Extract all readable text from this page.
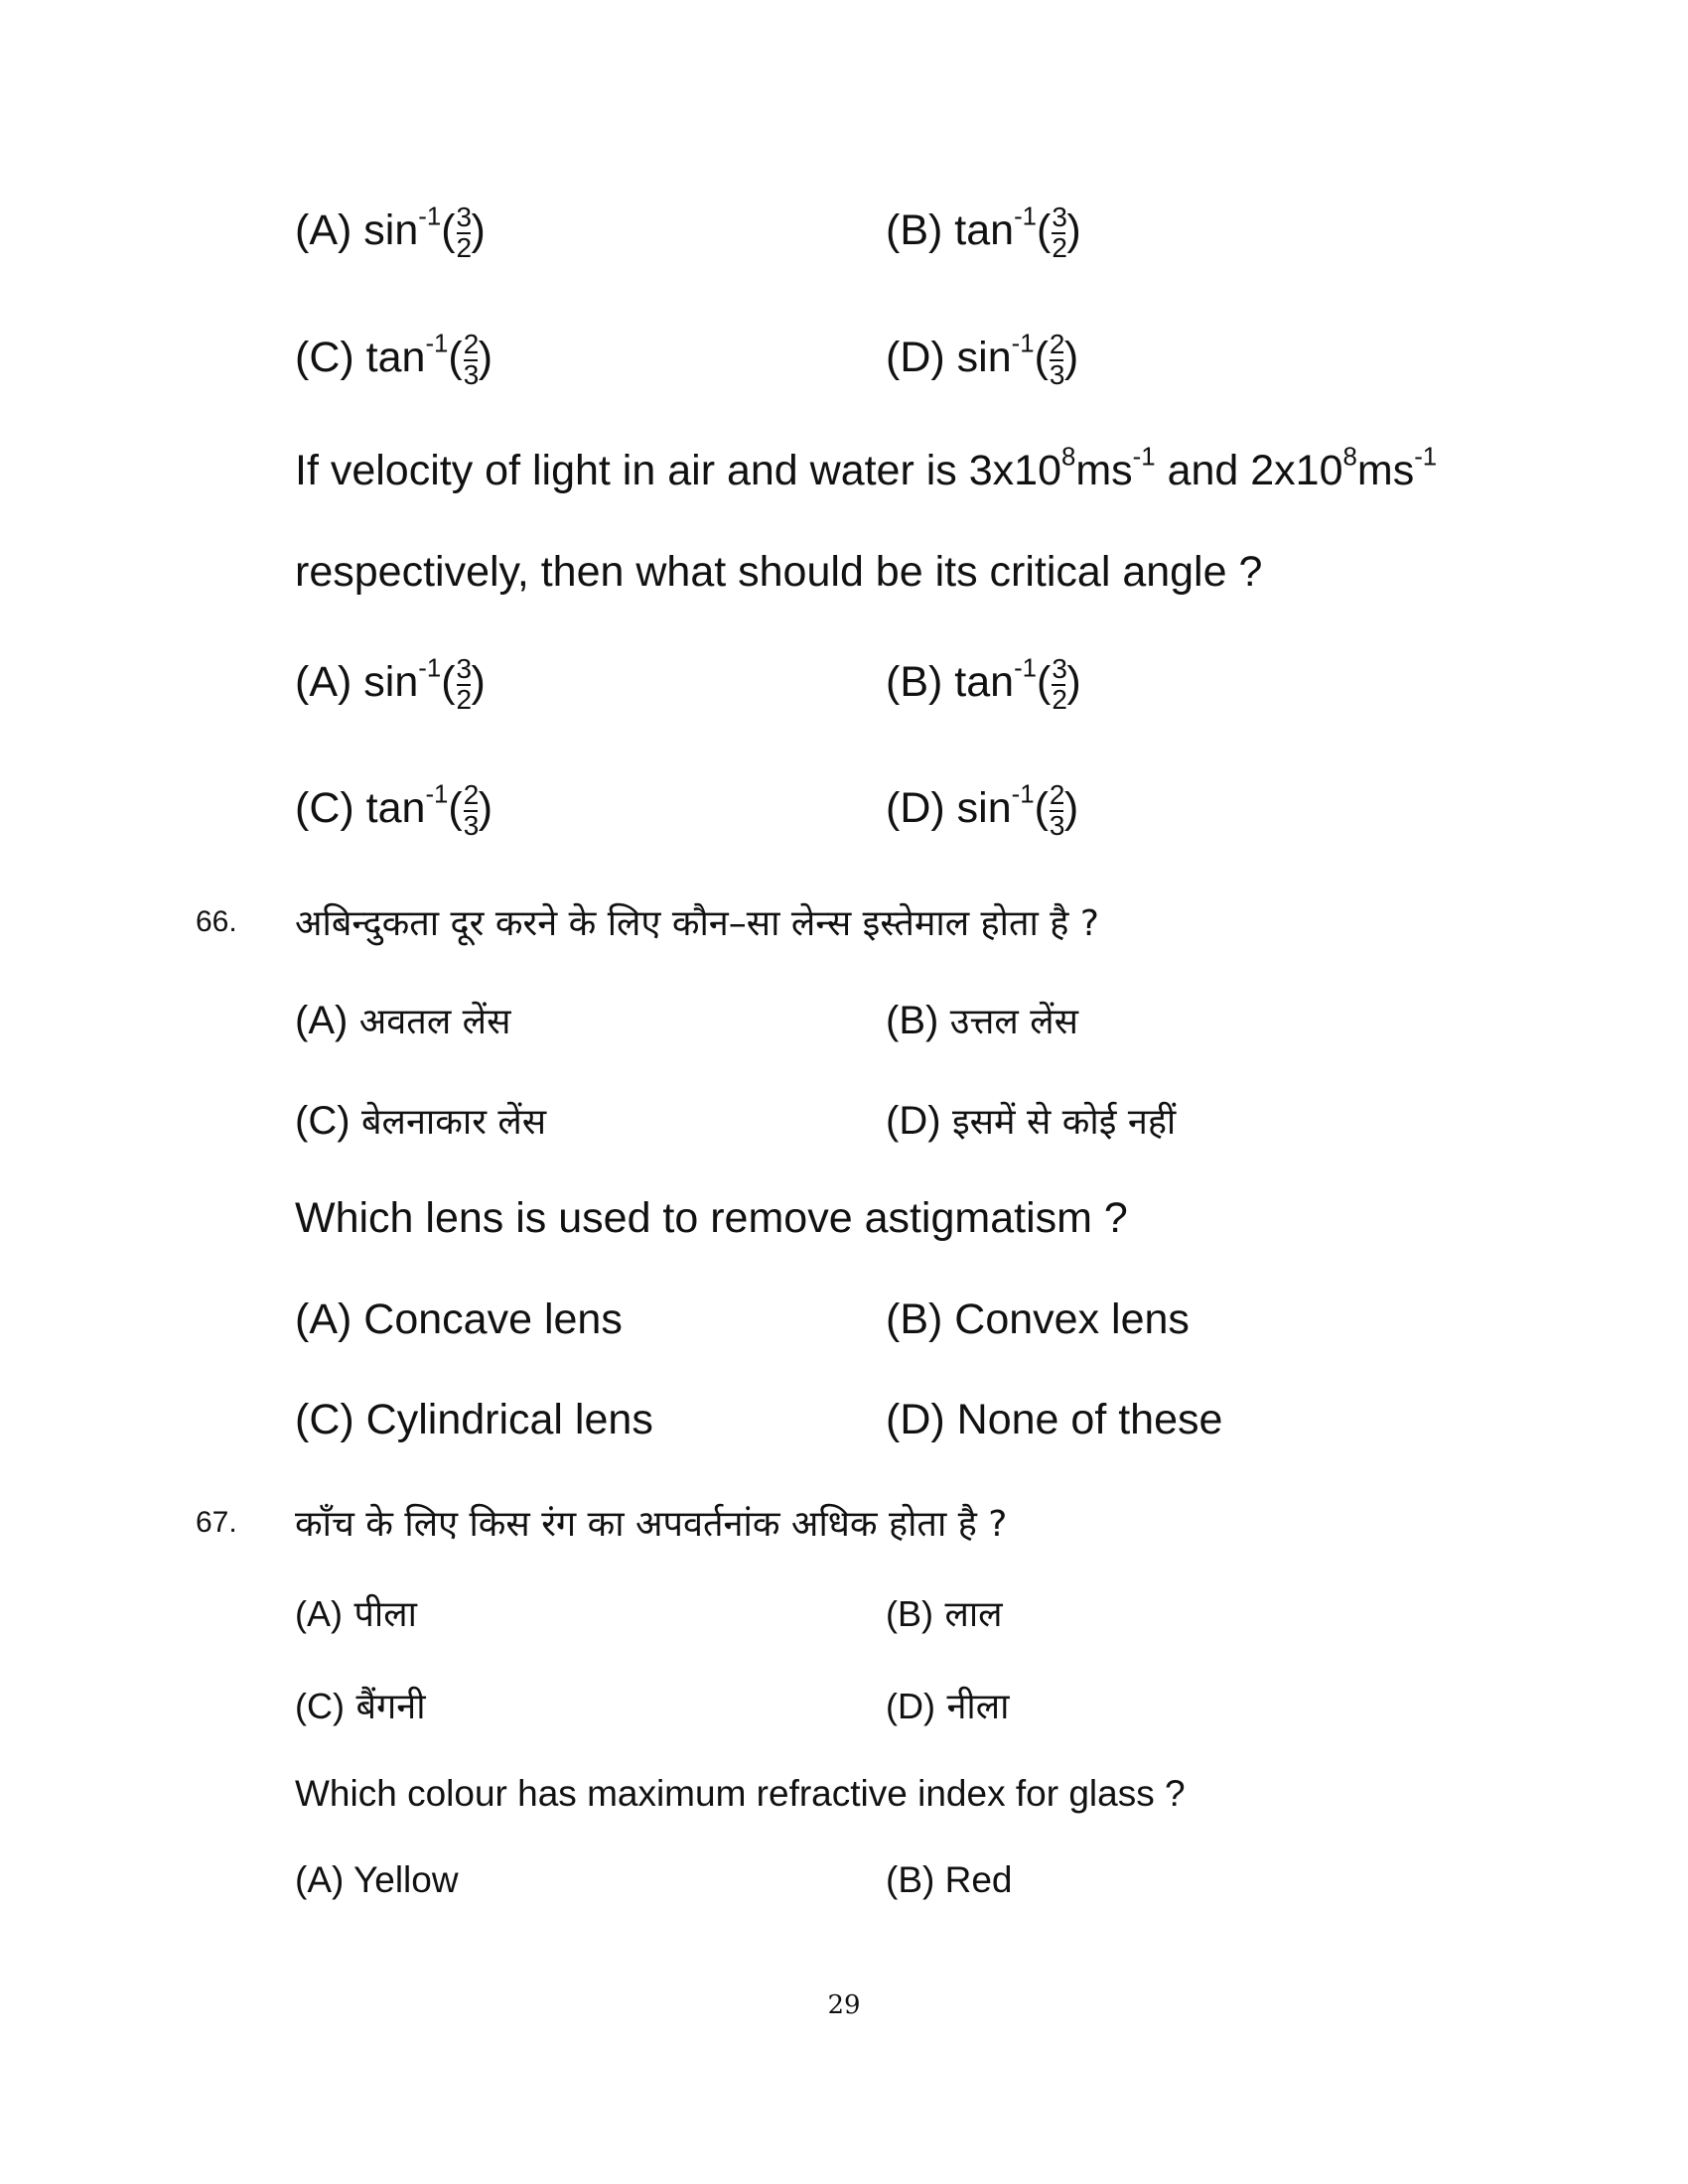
(A) $\sin^{-1}( \frac{3}{2}$ )	(B) $\tan^{-1}( \frac{3}{2}$ )
(C) $\tan^{-1}( \frac{2}{3}$ )	(D) $\sin^{-1}( \frac{2}{3}$ )
If velocity of light in air and water is $3x10^8ms^{-1}$ and $2x10^8ms^{-1}$
respectively, then what should be its critical angle ?
(A) $\sin^{-1}( \frac{3}{2}$ )	(B) $\tan^{-1}( \frac{3}{2}$ )
(C) $\tan^{-1}( \frac{2}{3}$ )	(D) $\sin^{-1}( \frac{2}{3}$ )
66. अबिन्दुकता दूर करने के लिए कौन–सा लेन्स इस्तेमाल होता है ?
(A) अवतल लेंस	(B) उत्तल लेंस
(C) बेलनाकार लेंस	(D) इसमें से कोई नहीं
Which lens is used to remove astigmatism ?
(A) Concave lens	(B) Convex lens
(C) Cylindrical lens	(D) None of these
67. काँच के लिए किस रंग का अपवर्तनांक अधिक होता है ?
(A) पीला	(B) लाल
(C) बैंगनी	(D) नीला
Which colour has maximum refractive index for glass ?
(A) Yellow	(B) Red
29
